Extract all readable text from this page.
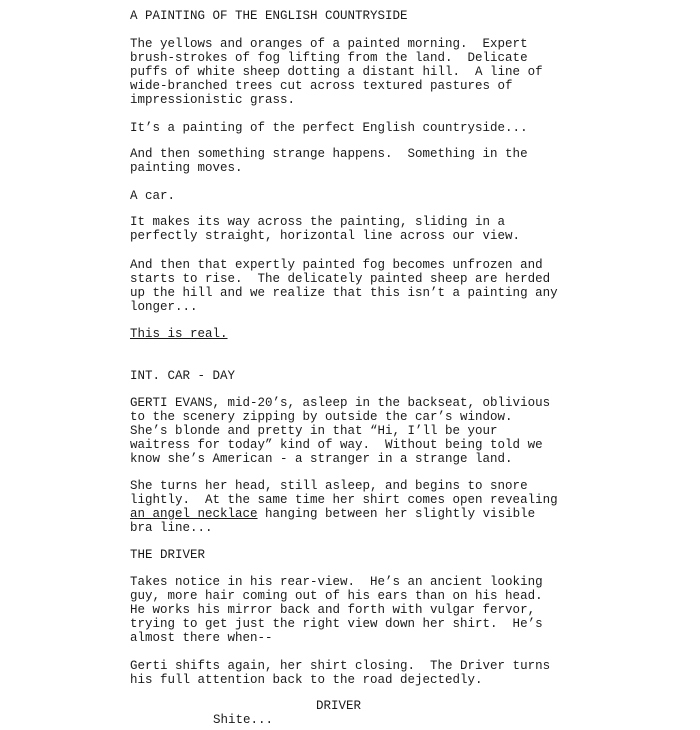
A PAINTING OF THE ENGLISH COUNTRYSIDE
The yellows and oranges of a painted morning.  Expert
brush-strokes of fog lifting from the land.  Delicate
puffs of white sheep dotting a distant hill.  A line of
wide-branched trees cut across textured pastures of
impressionistic grass.
It’s a painting of the perfect English countryside...
And then something strange happens.  Something in the
painting moves.
A car.
It makes its way across the painting, sliding in a
perfectly straight, horizontal line across our view.
And then that expertly painted fog becomes unfrozen and
starts to rise.  The delicately painted sheep are herded
up the hill and we realize that this isn’t a painting any
longer...
This is real.
INT. CAR - DAY
GERTI EVANS, mid-20’s, asleep in the backseat, oblivious
to the scenery zipping by outside the car’s window.
She’s blonde and pretty in that “Hi, I’ll be your
waitress for today” kind of way.  Without being told we
know she’s American - a stranger in a strange land.
She turns her head, still asleep, and begins to snore
lightly.  At the same time her shirt comes open revealing
an angel necklace hanging between her slightly visible
bra line...
THE DRIVER
Takes notice in his rear-view.  He’s an ancient looking
guy, more hair coming out of his ears than on his head.
He works his mirror back and forth with vulgar fervor,
trying to get just the right view down her shirt.  He’s
almost there when--
Gerti shifts again, her shirt closing.  The Driver turns
his full attention back to the road dejectedly.
DRIVER
Shite...
